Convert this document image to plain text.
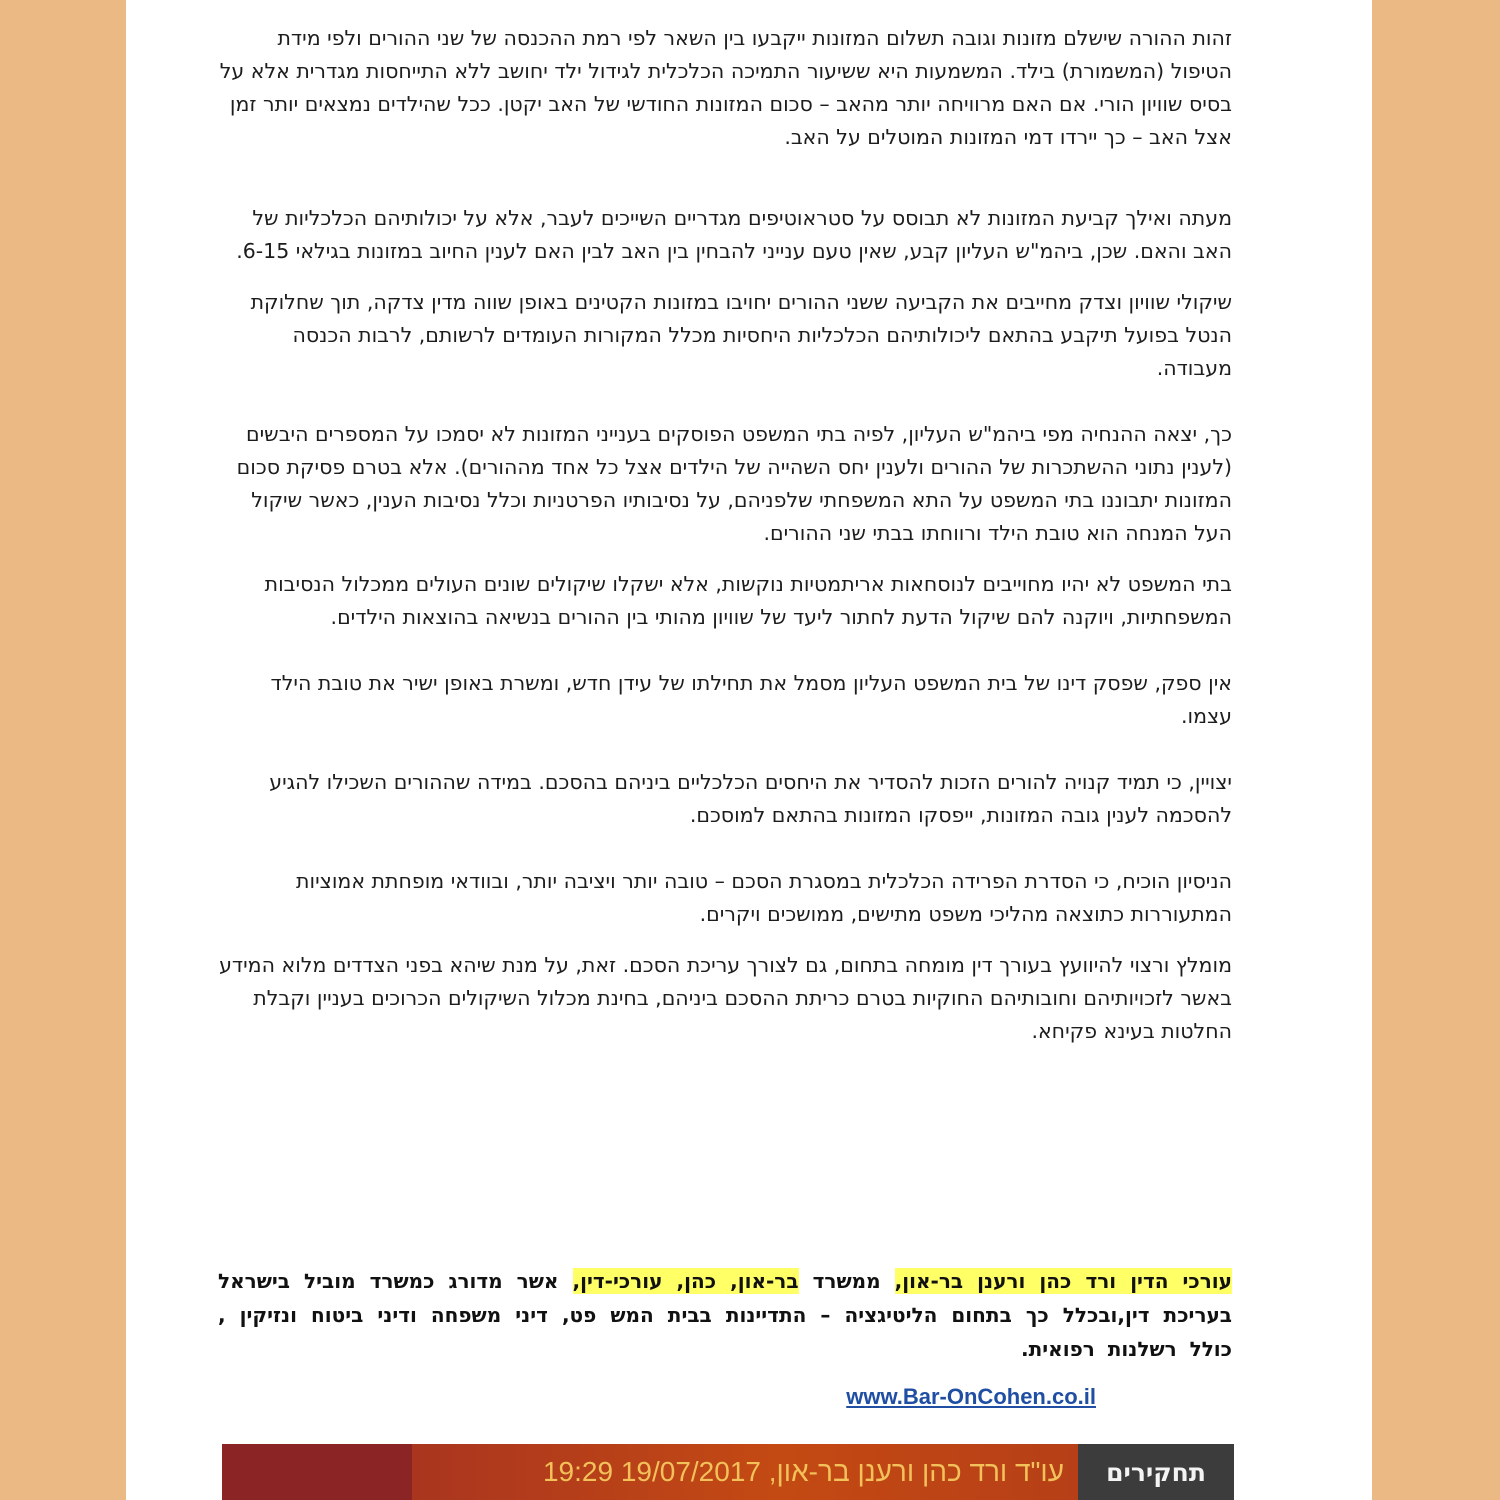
זהות ההורה שישלם מזונות וגובה תשלום המזונות ייקבעו בין השאר לפי רמת ההכנסה של שני ההורים ולפי מידת הטיפול (המשמורת) בילד. המשמעות היא ששיעור התמיכה הכלכלית לגידול ילד יחושב ללא התייחסות מגדרית אלא על בסיס שוויון הורי. אם האם מרוויחה יותר מהאב – סכום המזונות החודשי של האב יקטן. ככל שהילדים נמצאים יותר זמן אצל האב – כך יירדו דמי המזונות המוטלים על האב.

מעתה ואילך קביעת המזונות לא תבוסס על סטראוטיפים מגדריים השייכים לעבר, אלא על יכולותיהם הכלכליות של האב והאם. שכן, ביהמ"ש העליון קבע, שאין טעם ענייני להבחין בין האב לבין האם לענין החיוב במזונות בגילאי 6-15.

שיקולי שוויון וצדק מחייבים את הקביעה ששני ההורים יחויבו במזונות הקטינים באופן שווה מדין צדקה, תוך שחלוקת הנטל בפועל תיקבע בהתאם ליכולותיהם הכלכליות היחסיות מכלל המקורות העומדים לרשותם, לרבות הכנסה מעבודה.

כך, יצאה ההנחיה מפי ביהמ"ש העליון, לפיה בתי המשפט הפוסקים בענייני המזונות לא יסמכו על המספרים היבשים (לענין נתוני ההשתכרות של ההורים ולענין יחס השהייה של הילדים אצל כל אחד מההורים). אלא בטרם פסיקת סכום המזונות יתבוננו בתי המשפט על התא המשפחתי שלפניהם, על נסיבותיו הפרטניות וכלל נסיבות הענין, כאשר שיקול העל המנחה הוא טובת הילד ורווחתו בבתי שני ההורים.

בתי המשפט לא יהיו מחוייבים לנוסחאות אריתמטיות נוקשות, אלא ישקלו שיקולים שונים העולים ממכלול הנסיבות המשפחתיות, ויוקנה להם שיקול הדעת לחתור ליעד של שוויון מהותי בין ההורים בנשיאה בהוצאות הילדים.

אין ספק, שפסק דינו של בית המשפט העליון מסמל את תחילתו של עידן חדש, ומשרת באופן ישיר את טובת הילד עצמו.

יצויין, כי תמיד קנויה להורים הזכות להסדיר את היחסים הכלכליים ביניהם בהסכם. במידה שההורים השכילו להגיע להסכמה לענין גובה המזונות, ייפסקו המזונות בהתאם למוסכם.

הניסיון הוכיח, כי הסדרת הפרידה הכלכלית במסגרת הסכם – טובה יותר ויציבה יותר, ובוודאי מופחתת אמוציות המתעוררות כתוצאה מהליכי משפט מתישים, ממושכים ויקרים.

מומלץ ורצוי להיוועץ בעורך דין מומחה בתחום, גם לצורך עריכת הסכם. זאת, על מנת שיהא בפני הצדדים מלוא המידע באשר לזכויותיהם וחובותיהם החוקיות בטרם כריתת ההסכם ביניהם, בחינת מכלול השיקולים הכרוכים בעניין וקבלת החלטות בעינא פקיחא.

עורכי הדין ורד כהן ורענן בר-און, ממשרד בר-און, כהן, עורכי-דין, אשר מדורג כמשרד מוביל בישראל בעריכת דין,ובכלל כך בתחום הליטיגציה – התדיינות בבית המש פט, דיני משפחה ודיני ביטוח ונזיקין , כולל רשלנות רפואית.
www.Bar-OnCohen.co.il
עו"ד ורד כהן ורענן בר-און, 19/07/2017 19:29 תחקירים
